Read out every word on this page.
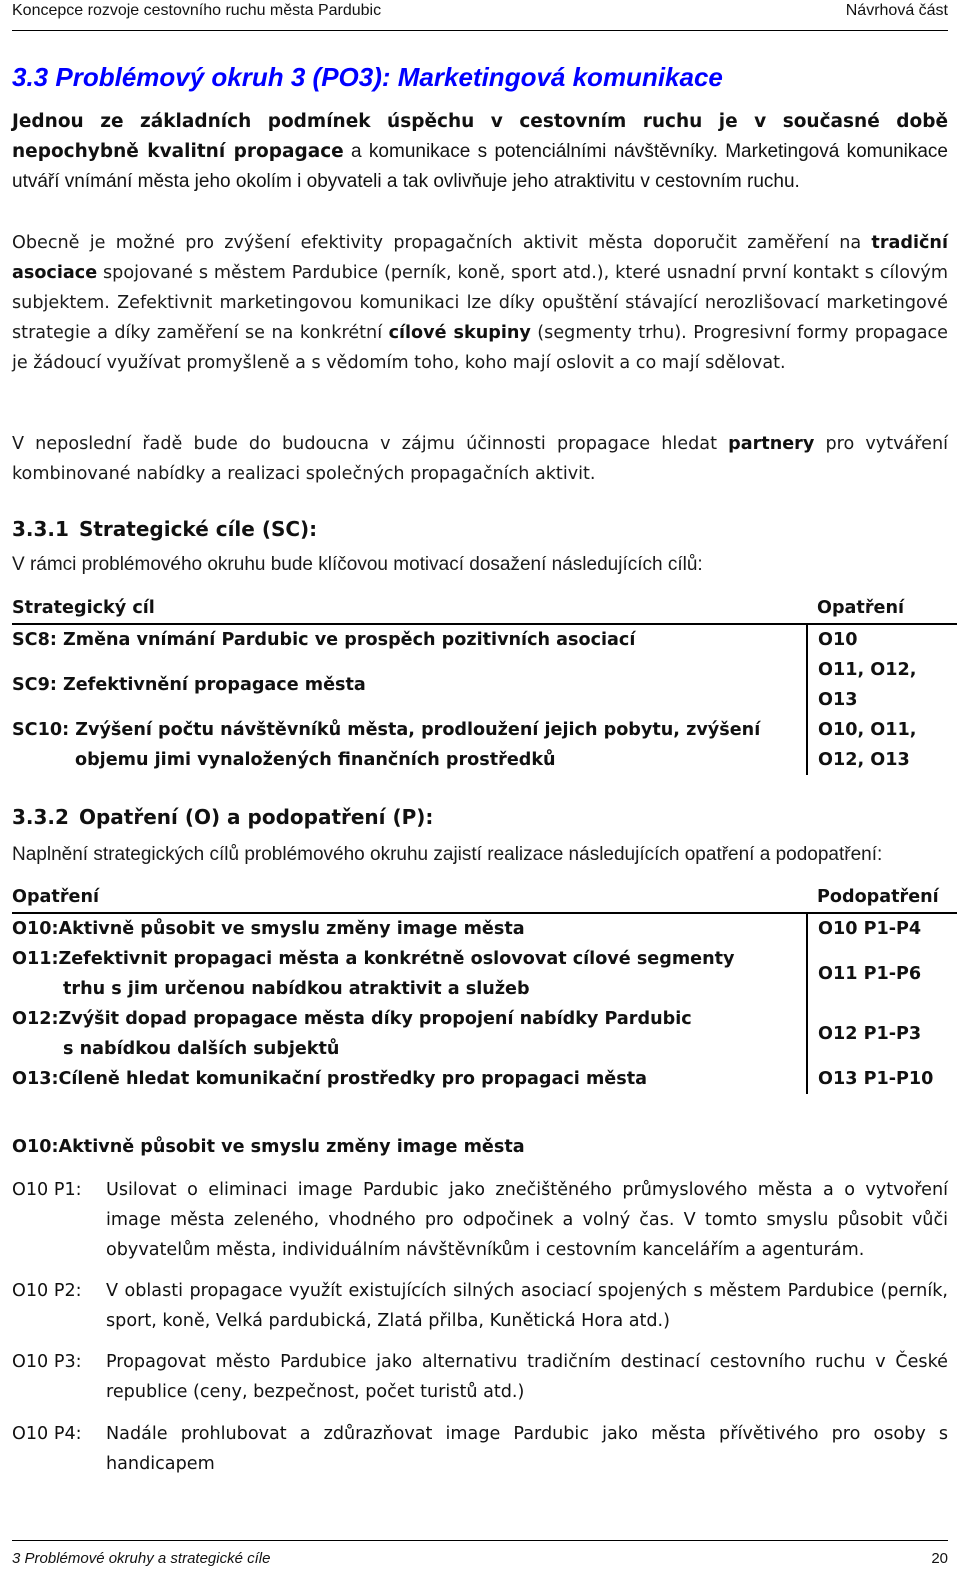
Koncepce rozvoje cestovního ruchu města Pardubic	Návrhová část
3.3 Problémový okruh 3 (PO3): Marketingová komunikace
Jednou ze základních podmínek úspěchu v cestovním ruchu je v současné době nepochybně kvalitní propagace a komunikace s potenciálními návštěvníky. Marketingová komunikace utváří vnímání města jeho okolím i obyvateli a tak ovlivňuje jeho atraktivitu v cestovním ruchu.
Obecně je možné pro zvýšení efektivity propagačních aktivit města doporučit zaměření na tradiční asociace spojované s městem Pardubice (perník, koně, sport atd.), které usnadní první kontakt s cílovým subjektem. Zefektivnit marketingovou komunikaci lze díky opuštění stávající nerozlišovací marketingové strategie a díky zaměření se na konkrétní cílové skupiny (segmenty trhu). Progresivní formy propagace je žádoucí využívat promyšleně a s vědomím toho, koho mají oslovit a co mají sdělovat.
V neposlední řadě bude do budoucna v zájmu účinnosti propagace hledat partnery pro vytváření kombinované nabídky a realizaci společných propagačních aktivit.
3.3.1 Strategické cíle (SC):
V rámci problémového okruhu bude klíčovou motivací dosažení následujících cílů:
Strategický cíl	Opatření
SC8: Změna vnímání Pardubic ve prospěch pozitivních asociací	O10
SC9: Zefektivnění propagace města	O11, O12, O13

SC10: Zvýšení počtu návštěvníků města, prodloužení jejich pobytu, zvýšení
objemu jimi vynaložených finančních prostředků	O10, O11, O12, O13
3.3.2 Opatření (O) a podopatření (P):
Naplnění strategických cílů problémového okruhu zajistí realizace následujících opatření a podopatření:
Opatření	Podopatření
O10:Aktivně působit ve smyslu změny image města	O10 P1-P4

O11:Zefektivnit propagaci města a konkrétně oslovovat cílové segmenty
trhu s jim určenou nabídkou atraktivit a služeb	O11 P1-P6

O12:Zvýšit dopad propagace města díky propojení nabídky Pardubic
s nabídkou dalších subjektů	O12 P1-P3
O13:Cíleně hledat komunikační prostředky pro propagaci města	O13 P1-P10
O10:Aktivně působit ve smyslu změny image města
O10 P1: Usilovat o eliminaci image Pardubic jako znečištěného průmyslového města a o vytvoření image města zeleného, vhodného pro odpočinek a volný čas. V tomto smyslu působit vůči obyvatelům města, individuálním návštěvníkům i cestovním kancelářím a agenturám.
O10 P2: V oblasti propagace využít existujících silných asociací spojených s městem Pardubice (perník, sport, koně, Velká pardubická, Zlatá přilba, Kunětická Hora atd.)
O10 P3: Propagovat město Pardubice jako alternativu tradičním destinací cestovního ruchu v České republice (ceny, bezpečnost, počet turistů atd.)
O10 P4: Nadále prohlubovat a zdůrazňovat image Pardubic jako města přívětivého pro osoby s handicapem
3 Problémové okruhy a strategické cíle	20
